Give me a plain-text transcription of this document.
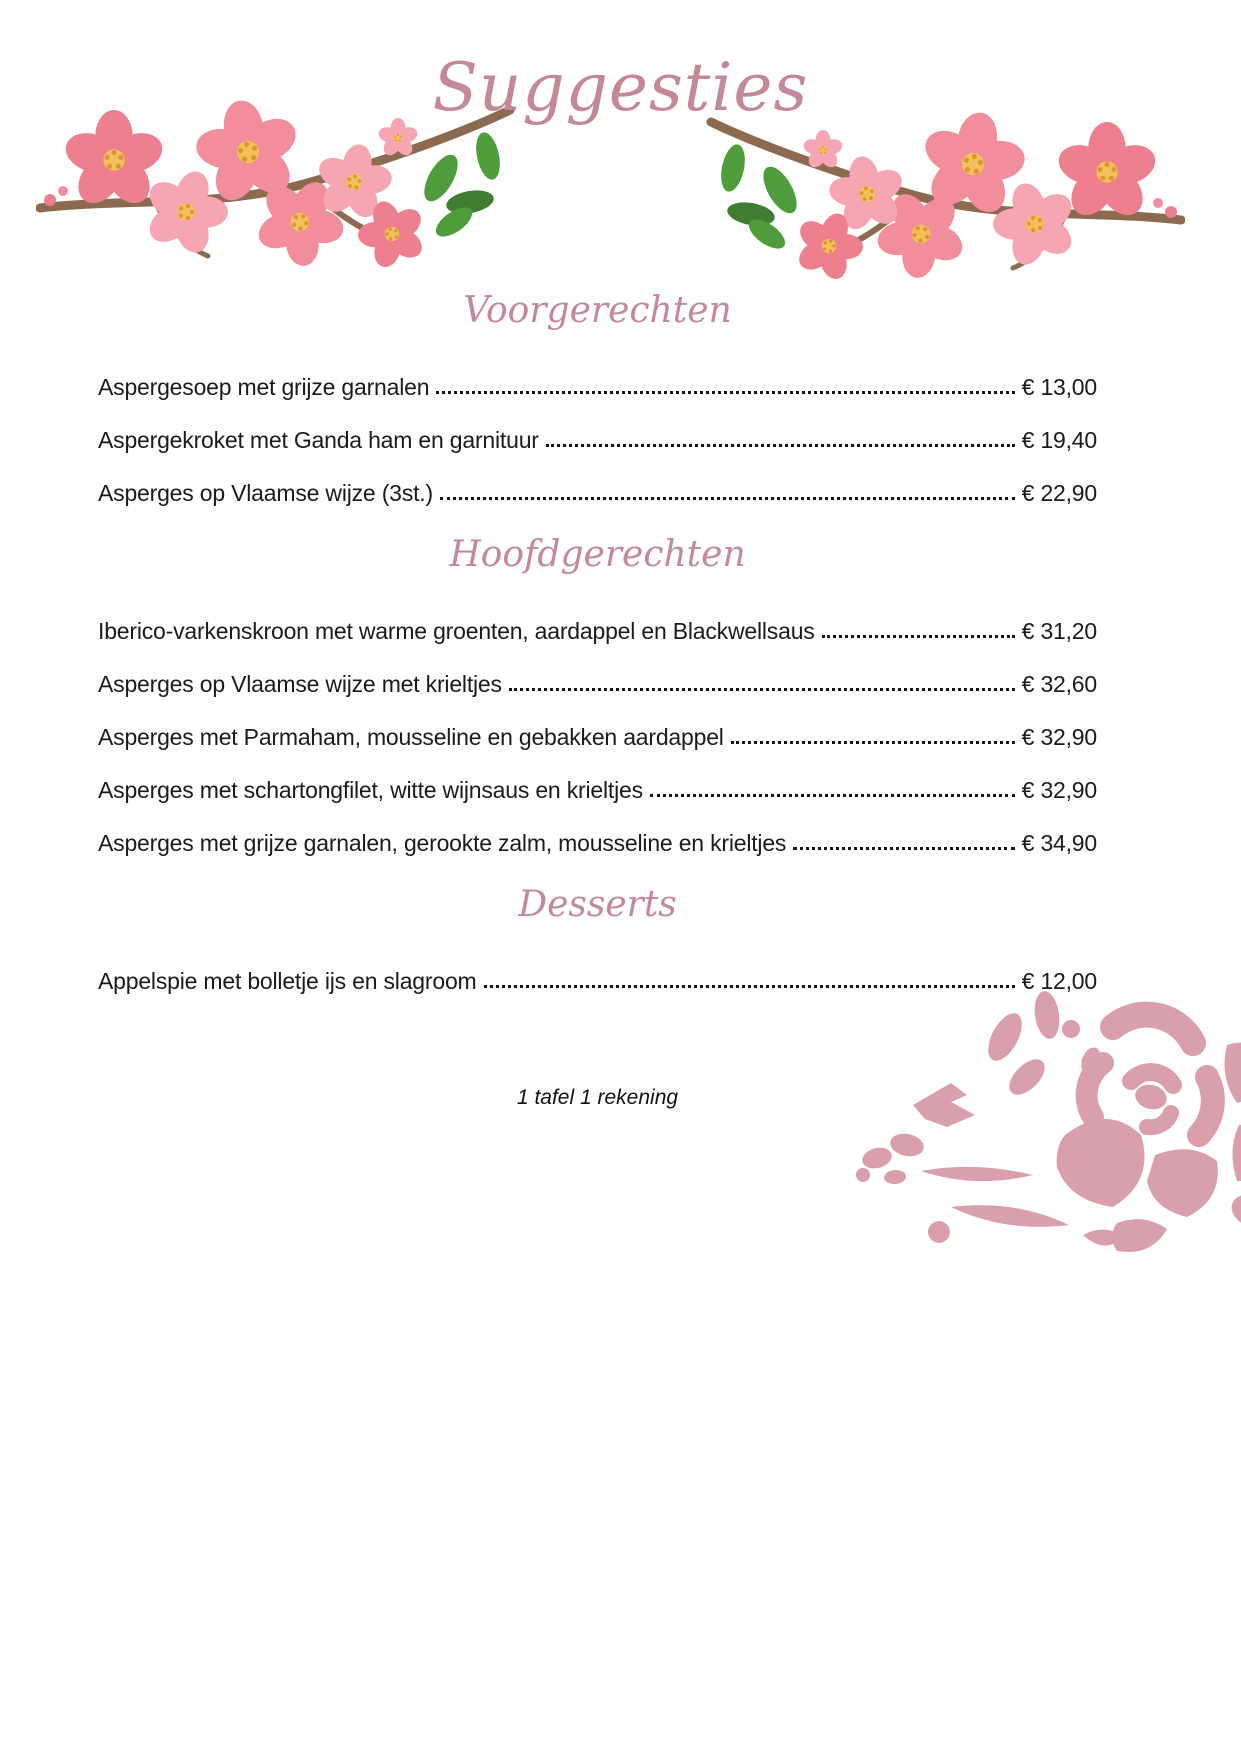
Suggesties
Voorgerechten
Aspergesoep met grijze garnalen	€ 13,00
Aspergekroket met Ganda ham en garnituur	€ 19,40
Asperges op Vlaamse wijze (3st.)	€ 22,90
Hoofdgerechten
Iberico-varkenskroon met warme groenten, aardappel en Blackwellsaus	€ 31,20
Asperges op Vlaamse wijze met krieltjes	€ 32,60
Asperges met Parmaham, mousseline en gebakken aardappel	€ 32,90
Asperges met schartongfilet, witte wijnsaus en krieltjes	€ 32,90
Asperges met grijze garnalen, gerookte zalm, mousseline en krieltjes	€ 34,90
Desserts
Appelspie met bolletje ijs en slagroom	€ 12,00

1 tafel 1 rekening
